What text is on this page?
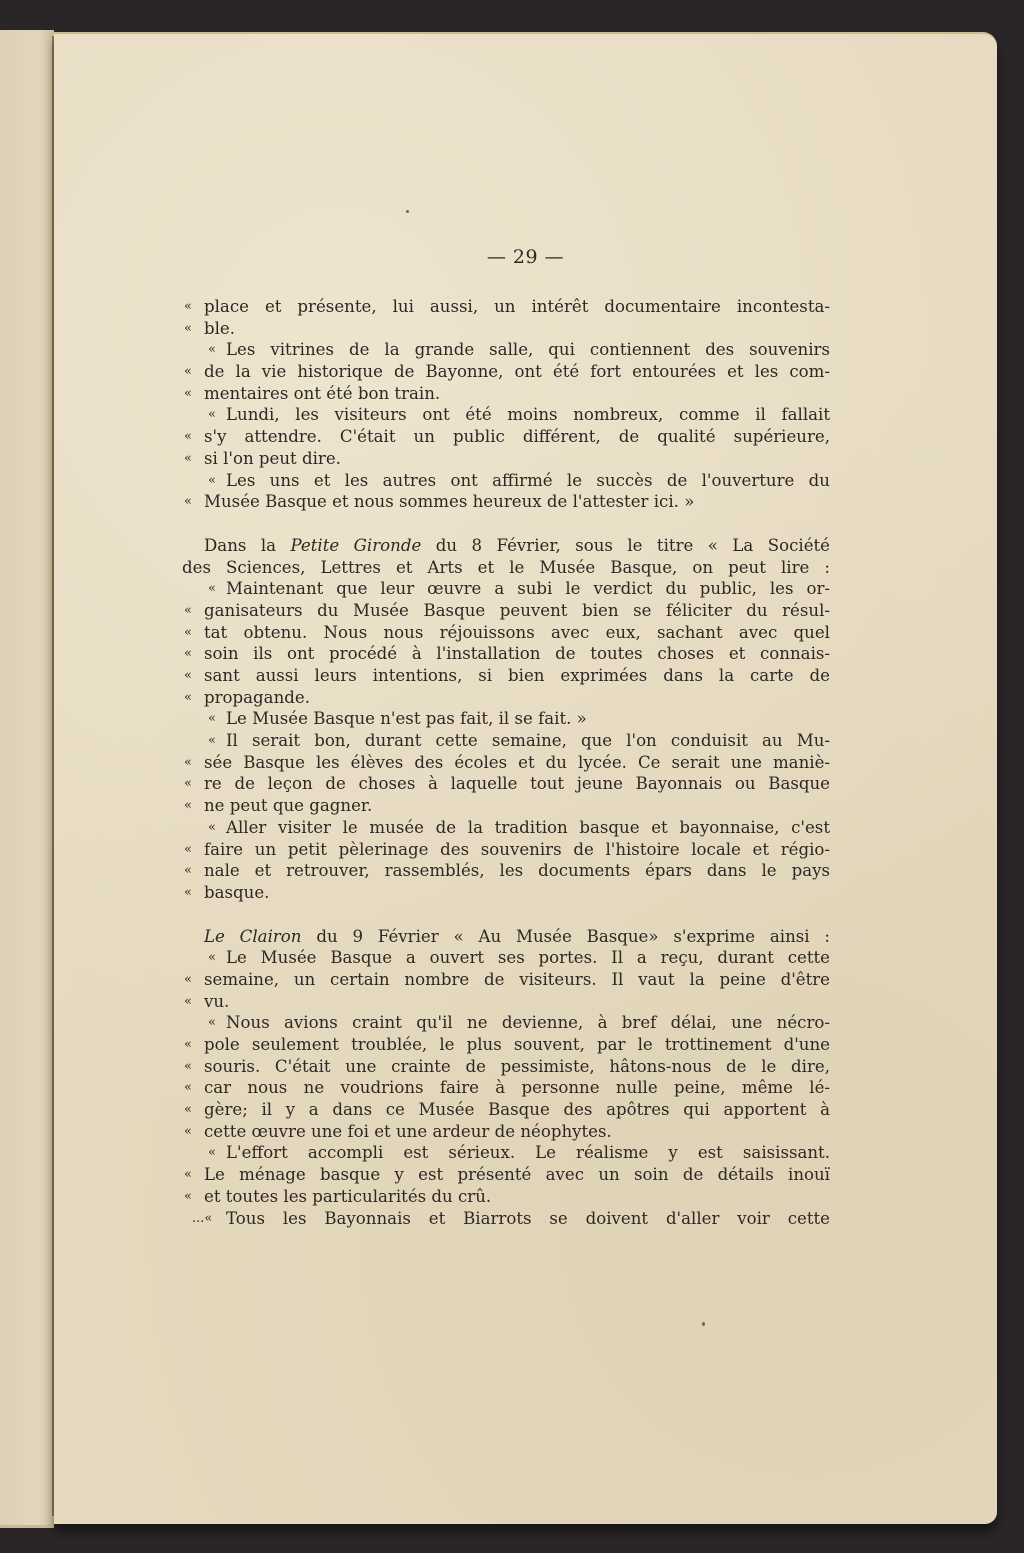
— 29 —
« place et présente, lui aussi, un intérêt documentaire incontesta-
« ble.
« Les vitrines de la grande salle, qui contiennent des souvenirs
« de la vie historique de Bayonne, ont été fort entourées et les com-
« mentaires ont été bon train.
« Lundi, les visiteurs ont été moins nombreux, comme il fallait
« s'y attendre. C'était un public différent, de qualité supérieure,
« si l'on peut dire.
« Les uns et les autres ont affirmé le succès de l'ouverture du
« Musée Basque et nous sommes heureux de l'attester ici. »
Dans la Petite Gironde du 8 Février, sous le titre « La Société
des Sciences, Lettres et Arts et le Musée Basque, on peut lire :
« Maintenant que leur œuvre a subi le verdict du public, les or-
« ganisateurs du Musée Basque peuvent bien se féliciter du résul-
« tat obtenu. Nous nous réjouissons avec eux, sachant avec quel
« soin ils ont procédé à l'installation de toutes choses et connais-
« sant aussi leurs intentions, si bien exprimées dans la carte de
« propagande.
« Le Musée Basque n'est pas fait, il se fait. »
« Il serait bon, durant cette semaine, que l'on conduisit au Mu-
« sée Basque les élèves des écoles et du lycée. Ce serait une maniè-
« re de leçon de choses à laquelle tout jeune Bayonnais ou Basque
« ne peut que gagner.
« Aller visiter le musée de la tradition basque et bayonnaise, c'est
« faire un petit pèlerinage des souvenirs de l'histoire locale et régio-
« nale et retrouver, rassemblés, les documents épars dans le pays
« basque.
Le Clairon du 9 Février « Au Musée Basque» s'exprime ainsi :
« Le Musée Basque a ouvert ses portes. Il a reçu, durant cette
« semaine, un certain nombre de visiteurs. Il vaut la peine d'être
« vu.
« Nous avions craint qu'il ne devienne, à bref délai, une nécro-
« pole seulement troublée, le plus souvent, par le trottinement d'une
« souris. C'était une crainte de pessimiste, hâtons-nous de le dire,
« car nous ne voudrions faire à personne nulle peine, même lé-
« gère; il y a dans ce Musée Basque des apôtres qui apportent à
« cette œuvre une foi et une ardeur de néophytes.
« L'effort accompli est sérieux. Le réalisme y est saisissant.
« Le ménage basque y est présenté avec un soin de détails inouï
« et toutes les particularités du crû.
...« Tous les Bayonnais et Biarrots se doivent d'aller voir cette
